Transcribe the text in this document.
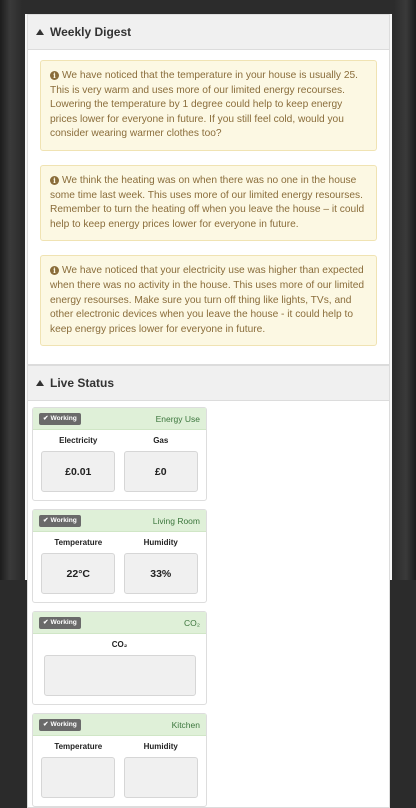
Weekly Digest
i We have noticed that the temperature in your house is usually 25. This is very warm and uses more of our limited energy recourses. Lowering the temperature by 1 degree could help to keep energy prices lower for everyone in future. If you still feel cold, would you consider wearing warmer clothes too?
i We think the heating was on when there was no one in the house some time last week. This uses more of our limited energy resourses. Remember to turn the heating off when you leave the house – it could help to keep energy prices lower for everyone in future.
i We have noticed that your electricity use was higher than expected when there was no activity in the house. This uses more of our limited energy resourses. Make sure you turn off thing like lights, TVs, and other electronic devices when you leave the house - it could help to keep energy prices lower for everyone in future.
Live Status
✔ Working	Energy Use
Electricity
£0.01
Gas
£0
✔ Working	Living Room
Temperature
22°C
Humidity
33%
✔ Working	CO₂
CO₂
✔ Working	Kitchen
Temperature	Humidity
